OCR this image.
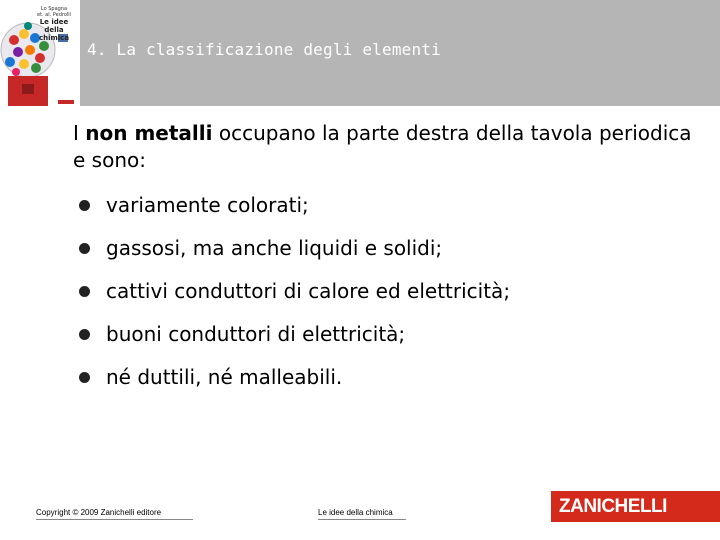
Lo Spagna
et. al. Pedrolli
Le idee della chimica
4. La classificazione degli elementi
I non metalli occupano la parte destra della tavola periodica e sono:
variamente colorati;
gassosi, ma anche liquidi e solidi;
cattivi conduttori di calore ed elettricità;
buoni conduttori di elettricità;
né duttili, né malleabili.
Copyright © 2009 Zanichelli editore	Le idee della chimica	ZANICHELLI
